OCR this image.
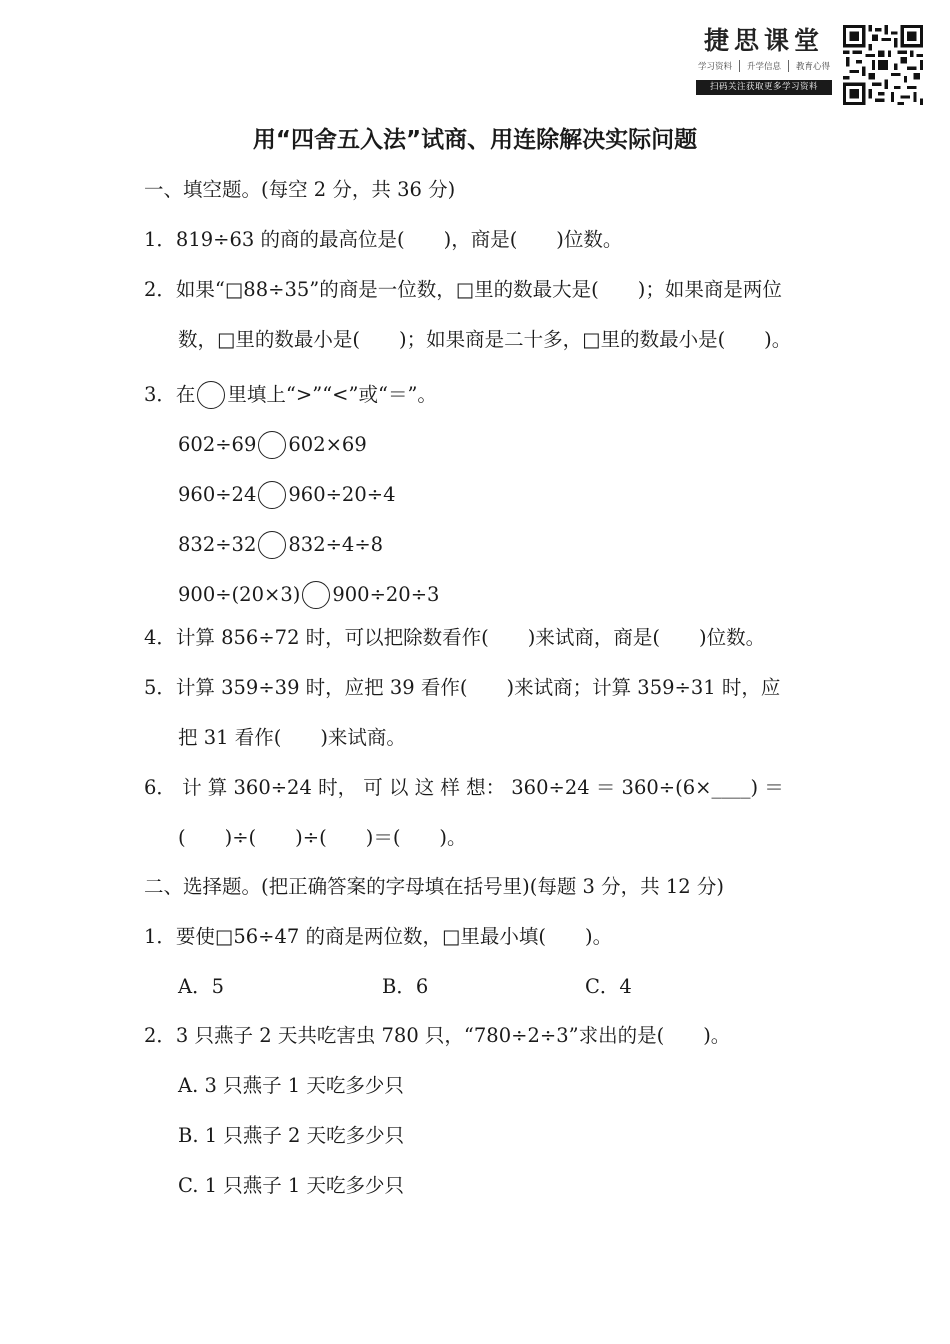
捷思课堂
学习资料 升学信息 教育心得
扫码关注获取更多学习资料
用“四舍五入法”试商、用连除解决实际问题
一、填空题。(每空 2 分，共 36 分)
1．819÷63 的商的最高位是(　　)，商是(　　)位数。
2．如果“□88÷35”的商是一位数，□里的数最大是(　　)；如果商是两位
数，□里的数最小是(　　)；如果商是二十多，□里的数最小是(　　)。
3．在 里填上“>”“<”或“＝”。
602÷69 602×69
960÷24 960÷20÷4
832÷32 832÷4÷8
900÷(20×3) 900÷20÷3
4．计算 856÷72 时，可以把除数看作(　　)来试商，商是(　　)位数。
5．计算 359÷39 时，应把 39 看作(　　)来试商；计算 359÷31 时，应
把 31 看作(　　)来试商。
6． 计 算 360÷24 时， 可 以 这 样 想： 360÷24 ＝ 360÷(6×____) ＝
(　　)÷(　　)÷(　　)＝(　　)。
二、选择题。(把正确答案的字母填在括号里)(每题 3 分，共 12 分)
1．要使□56÷47 的商是两位数，□里最小填(　　)。
A．5	B．6	C．4
2．3 只燕子 2 天共吃害虫 780 只，“780÷2÷3”求出的是(　　)。
A. 3 只燕子 1 天吃多少只
B. 1 只燕子 2 天吃多少只
C. 1 只燕子 1 天吃多少只
